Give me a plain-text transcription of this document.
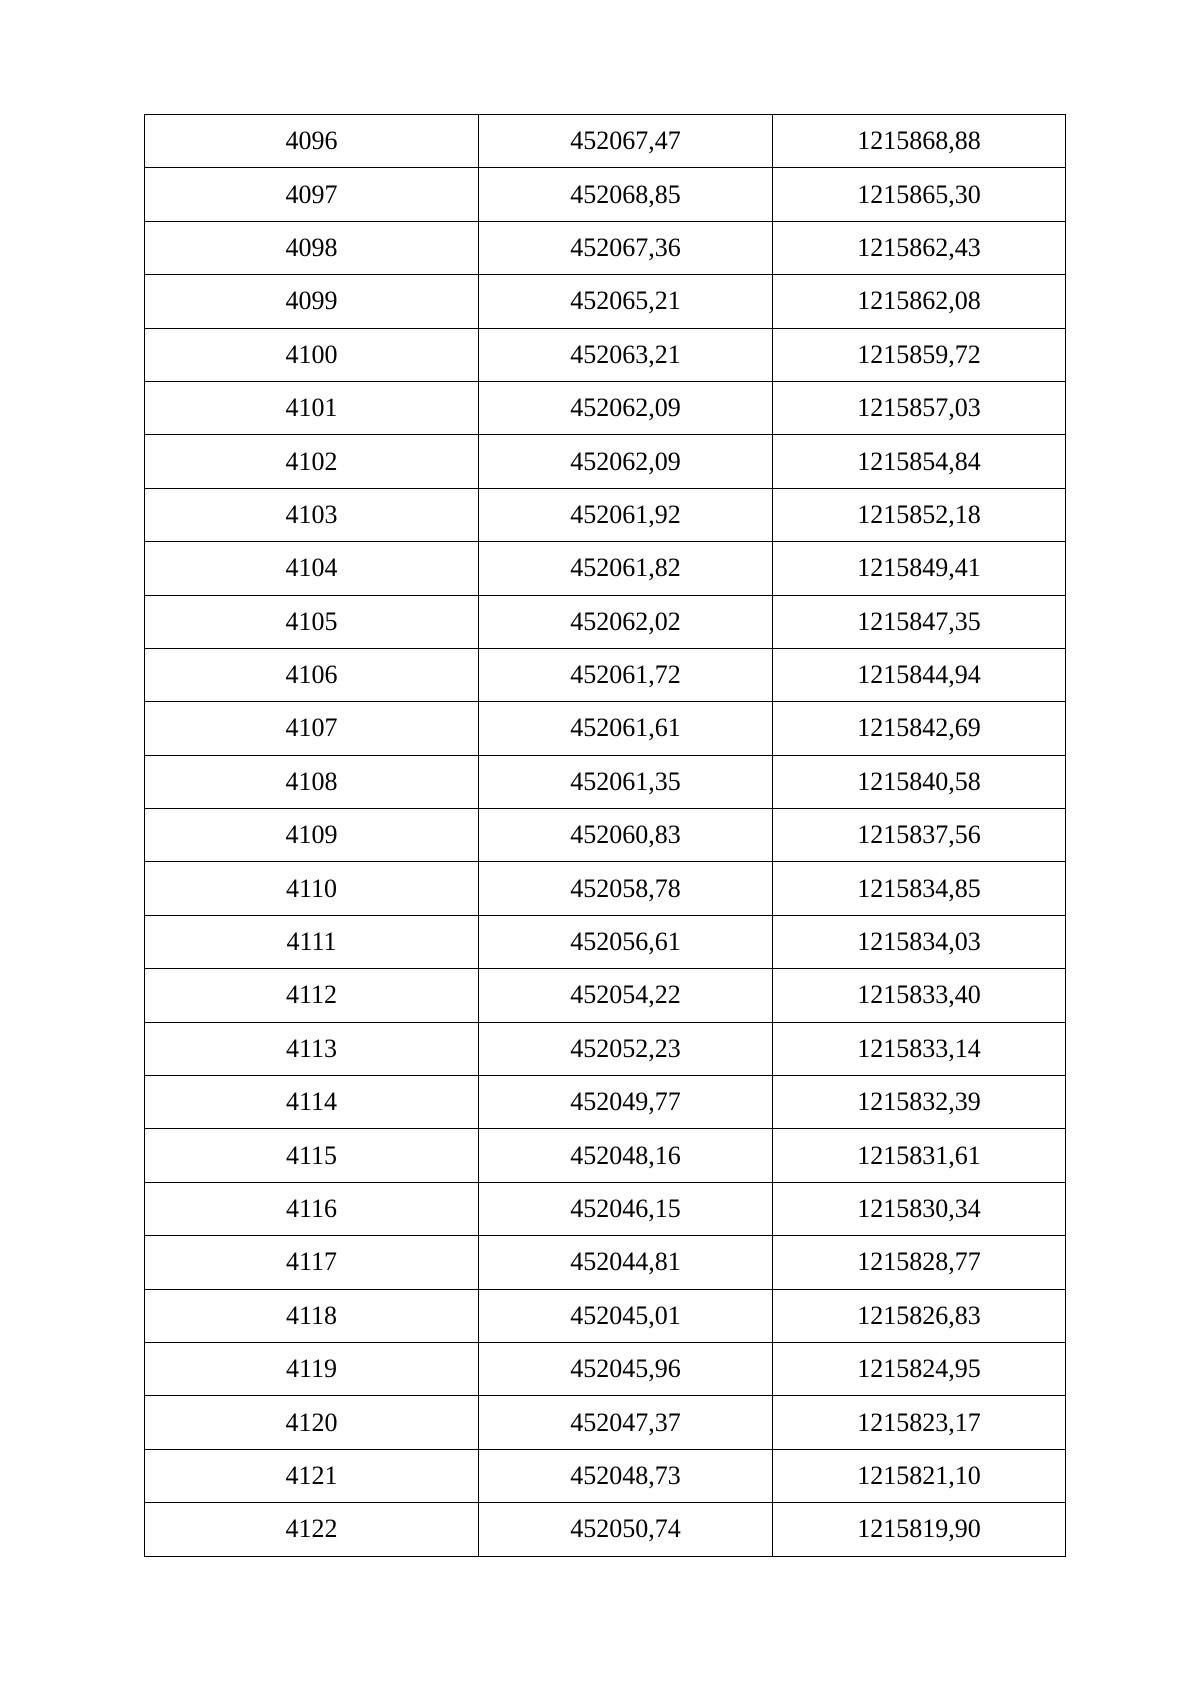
4096	452067,47	1215868,88
4097	452068,85	1215865,30
4098	452067,36	1215862,43
4099	452065,21	1215862,08
4100	452063,21	1215859,72
4101	452062,09	1215857,03
4102	452062,09	1215854,84
4103	452061,92	1215852,18
4104	452061,82	1215849,41
4105	452062,02	1215847,35
4106	452061,72	1215844,94
4107	452061,61	1215842,69
4108	452061,35	1215840,58
4109	452060,83	1215837,56
4110	452058,78	1215834,85
4111	452056,61	1215834,03
4112	452054,22	1215833,40
4113	452052,23	1215833,14
4114	452049,77	1215832,39
4115	452048,16	1215831,61
4116	452046,15	1215830,34
4117	452044,81	1215828,77
4118	452045,01	1215826,83
4119	452045,96	1215824,95
4120	452047,37	1215823,17
4121	452048,73	1215821,10
4122	452050,74	1215819,90
